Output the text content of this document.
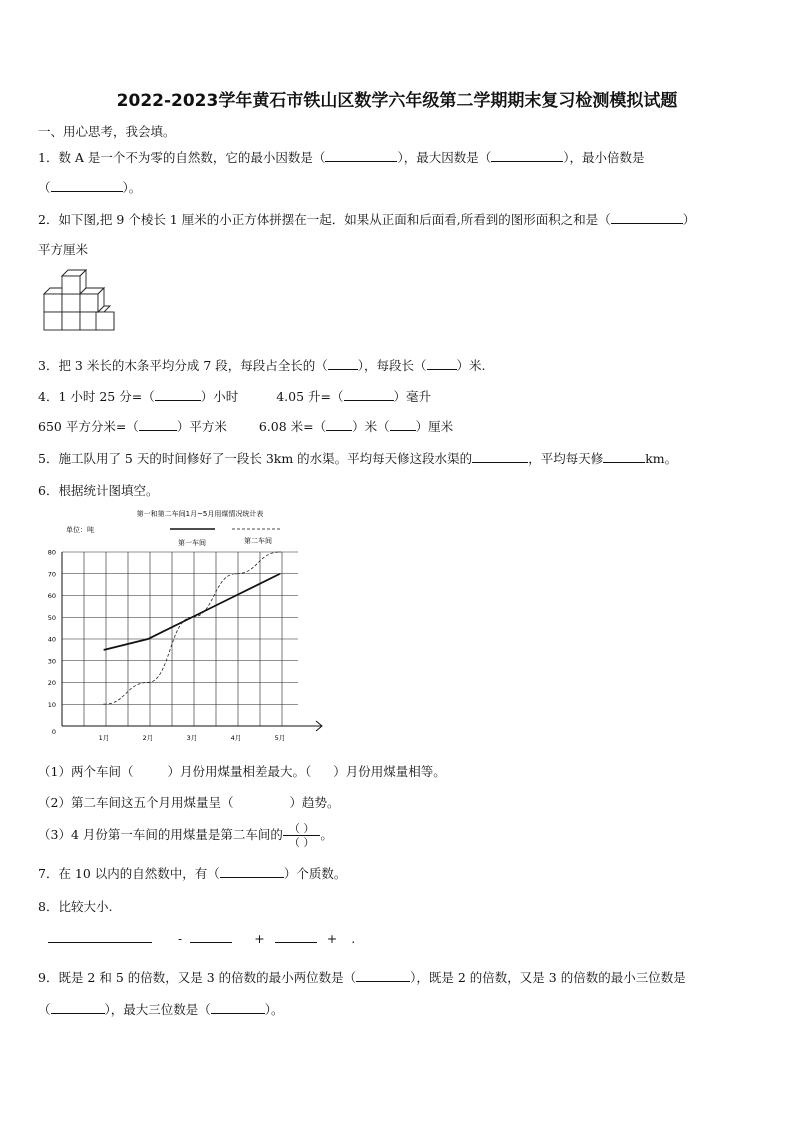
2022-2023学年黄石市铁山区数学六年级第二学期期末复习检测模拟试题
一、用心思考，我会填。
1．数 A 是一个不为零的自然数，它的最小因数是（	），最大因数是（	），最小倍数是
（	）。
2．如下图,把 9 个棱长 1 厘米的小正方体拼摆在一起．如果从正面和后面看,所看到的图形面积之和是（	）
平方厘米
3．把 3 米长的木条平均分成 7 段，每段占全长的（ ），每段长（ ）米.
4．1 小时 25 分=（	）小时	4.05 升=（	）毫升
650 平方分米=（	）平方米	6.08 米=（ ）米（ ）厘米
5．施工队用了 5 天的时间修好了一段长 3km 的水渠。平均每天修这段水渠的	，平均每天修	km。
6．根据统计图填空。
第一和第二车间1月~5月用煤情况统计表
单位：吨
第一车间	第二车间
0
10
20
30
40
50
60
70
80
1月	2月	3月	4月	5月
（1）两个车间（	）月份用煤量相差最大。（ ）月份用煤量相等。
（2）第二车间这五个月用煤量呈（	）趋势。
（3）4 月份第一车间的用煤量是第二车间的 $\frac{( )}{( )}$ 。
7．在 10 以内的自然数中，有（	）个质数。
8．比较大小.
-	+	+ .
9．既是 2 和 5 的倍数，又是 3 的倍数的最小两位数是（	），既是 2 的倍数，又是 3 的倍数的最小三位数是
（	），最大三位数是（	）。
